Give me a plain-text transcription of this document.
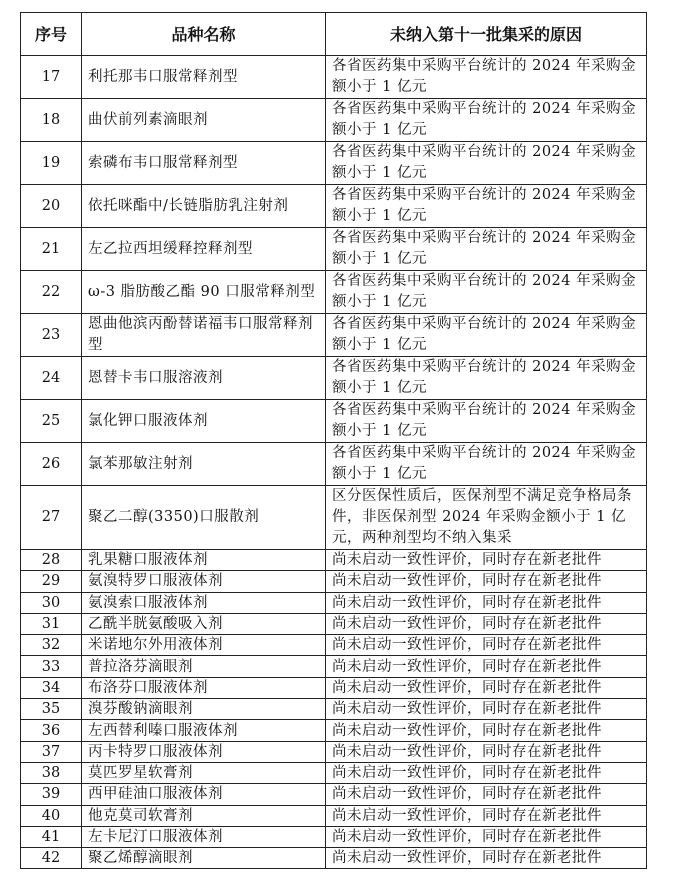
序号	品种名称	未纳入第十一批集采的原因
17	利托那韦口服常释剂型	各省医药集中采购平台统计的 2024 年采购金额小于 1 亿元
18	曲伏前列素滴眼剂	各省医药集中采购平台统计的 2024 年采购金额小于 1 亿元
19	索磷布韦口服常释剂型	各省医药集中采购平台统计的 2024 年采购金额小于 1 亿元
20	依托咪酯中/长链脂肪乳注射剂	各省医药集中采购平台统计的 2024 年采购金额小于 1 亿元
21	左乙拉西坦缓释控释剂型	各省医药集中采购平台统计的 2024 年采购金额小于 1 亿元
22	ω-3 脂肪酸乙酯 90 口服常释剂型	各省医药集中采购平台统计的 2024 年采购金额小于 1 亿元
23	恩曲他滨丙酚替诺福韦口服常释剂型	各省医药集中采购平台统计的 2024 年采购金额小于 1 亿元
24	恩替卡韦口服溶液剂	各省医药集中采购平台统计的 2024 年采购金额小于 1 亿元
25	氯化钾口服液体剂	各省医药集中采购平台统计的 2024 年采购金额小于 1 亿元
26	氯苯那敏注射剂	各省医药集中采购平台统计的 2024 年采购金额小于 1 亿元
27	聚乙二醇(3350)口服散剂	区分医保性质后，医保剂型不满足竞争格局条件，非医保剂型 2024 年采购金额小于 1 亿元，两种剂型均不纳入集采
28	乳果糖口服液体剂	尚未启动一致性评价，同时存在新老批件
29	氨溴特罗口服液体剂	尚未启动一致性评价，同时存在新老批件
30	氨溴索口服液体剂	尚未启动一致性评价，同时存在新老批件
31	乙酰半胱氨酸吸入剂	尚未启动一致性评价，同时存在新老批件
32	米诺地尔外用液体剂	尚未启动一致性评价，同时存在新老批件
33	普拉洛芬滴眼剂	尚未启动一致性评价，同时存在新老批件
34	布洛芬口服液体剂	尚未启动一致性评价，同时存在新老批件
35	溴芬酸钠滴眼剂	尚未启动一致性评价，同时存在新老批件
36	左西替利嗪口服液体剂	尚未启动一致性评价，同时存在新老批件
37	丙卡特罗口服液体剂	尚未启动一致性评价，同时存在新老批件
38	莫匹罗星软膏剂	尚未启动一致性评价，同时存在新老批件
39	西甲硅油口服液体剂	尚未启动一致性评价，同时存在新老批件
40	他克莫司软膏剂	尚未启动一致性评价，同时存在新老批件
41	左卡尼汀口服液体剂	尚未启动一致性评价，同时存在新老批件
42	聚乙烯醇滴眼剂	尚未启动一致性评价，同时存在新老批件
